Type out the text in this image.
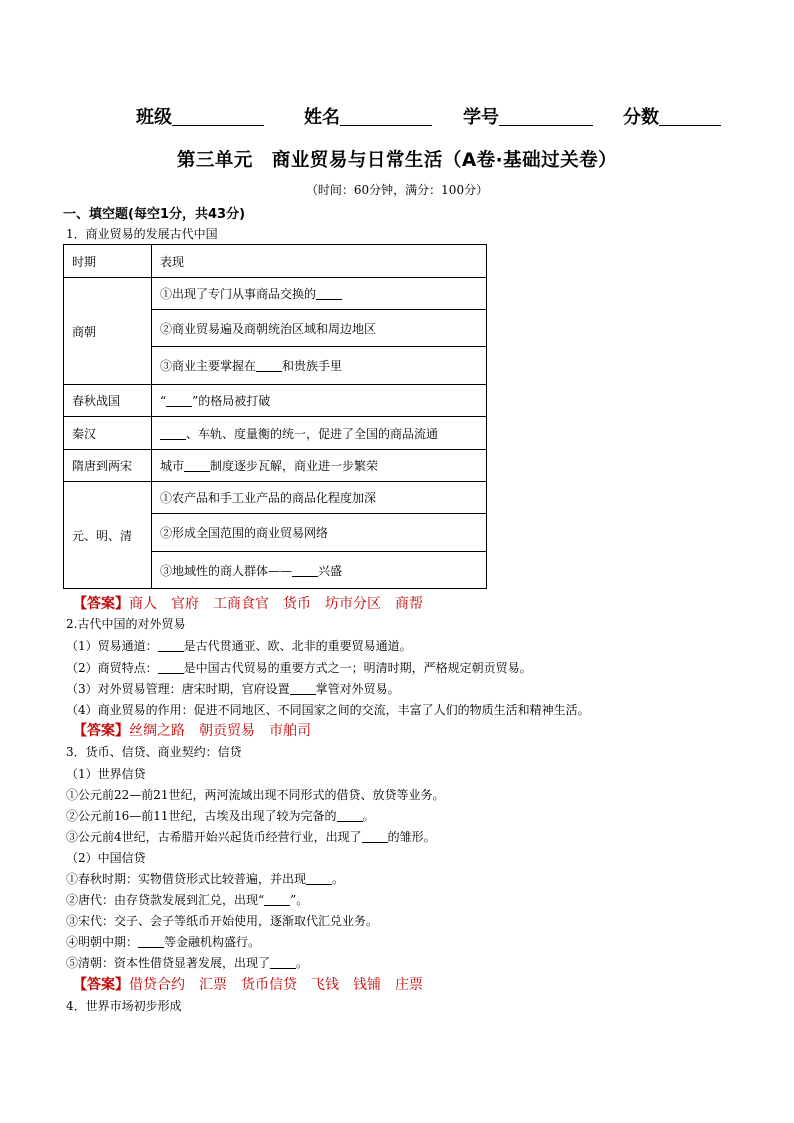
班级	姓名	学号	分数
第三单元　商业贸易与日常生活（A卷·基础过关卷）
（时间：60分钟，满分：100分）
一、填空题(每空1分，共43分)
1．商业贸易的发展古代中国
时期	表现
商朝	①出现了专门从事商品交换的
	②商业贸易遍及商朝统治区域和周边地区
	③商业主要掌握在 和贵族手里
春秋战国	“ ”的格局被打破
秦汉	、车轨、度量衡的统一，促进了全国的商品流通
隋唐到两宋	城市 制度逐步瓦解，商业进一步繁荣
元、明、清	①农产品和手工业产品的商品化程度加深
	②形成全国范围的商业贸易网络
	③地域性的商人群体—— 兴盛
【答案】商人 官府 工商食官 货币 坊市分区 商帮
2.古代中国的对外贸易
（1）贸易通道： 是古代贯通亚、欧、北非的重要贸易通道。
（2）商贸特点： 是中国古代贸易的重要方式之一；明清时期，严格规定朝贡贸易。
（3）对外贸易管理：唐宋时期，官府设置 掌管对外贸易。
（4）商业贸易的作用：促进不同地区、不同国家之间的交流，丰富了人们的物质生活和精神生活。
【答案】丝绸之路 朝贡贸易 市舶司
3．货币、信贷、商业契约：信贷
（1）世界信贷
①公元前22—前21世纪，两河流域出现不同形式的借贷、放贷等业务。
②公元前16—前11世纪，古埃及出现了较为完备的 。
③公元前4世纪，古希腊开始兴起货币经营行业，出现了 的雏形。
（2）中国信贷
①春秋时期：实物借贷形式比较普遍，并出现 。
②唐代：由存贷款发展到汇兑，出现“ ”。
③宋代：交子、会子等纸币开始使用，逐渐取代汇兑业务。
④明朝中期： 等金融机构盛行。
⑤清朝：资本性借贷显著发展，出现了 。
【答案】借贷合约 汇票 货币信贷 飞钱 钱铺 庄票
4．世界市场初步形成
